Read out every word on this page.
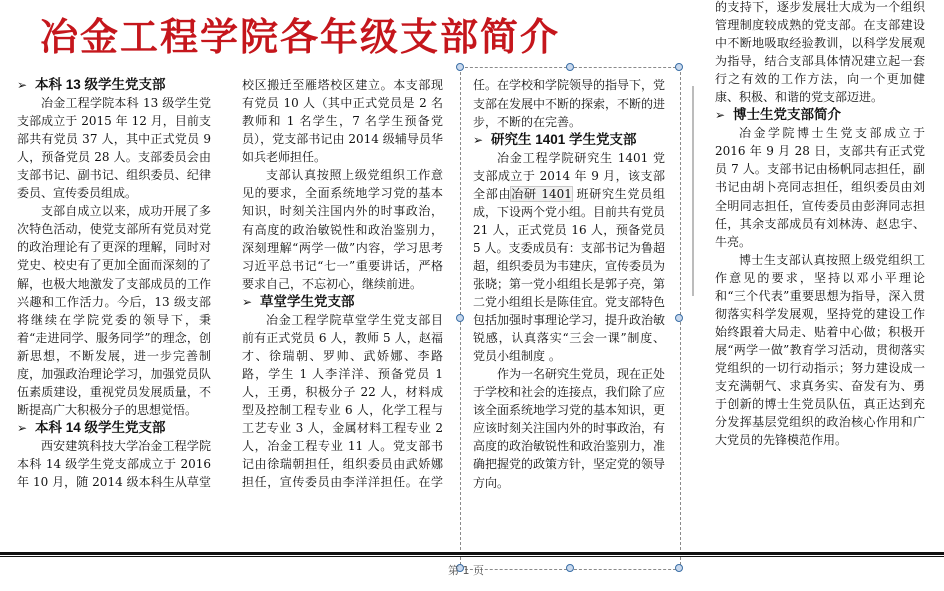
冶金工程学院各年级支部简介
➢ 本科 13 级学生党支部

冶金工程学院本科 13 级学生党支部成立于 2015 年 12 月，目前支部共有党员 37 人，其中正式党员 9 人，预备党员 28 人。支部委员会由支部书记、副书记、组织委员、纪律委员、宣传委员组成。

支部自成立以来，成功开展了多次特色活动，使党支部所有党员对党的政治理论有了更深的理解，同时对党史、校史有了更加全面而深刻的了解，也极大地激发了支部成员的工作兴趣和工作活力。今后，13 级支部将继续在学院党委的领导下，秉着“走进同学、服务同学”的理念，创新思想，不断发展，进一步完善制度，加强政治理论学习，加强党员队伍素质建设，重视党员发展质量，不断提高广大积极分子的思想觉悟。

➢ 本科 14 级学生党支部

西安建筑科技大学冶金工程学院本科 14 级学生党支部成立于 2016 年 10 月，随 2014 级本科生从草堂

校区搬迁至雁塔校区建立。本支部现有党员 10 人（其中正式党员是 2 名教师和 1 名学生，7 名学生预备党员），党支部书记由 2014 级辅导员华如兵老师担任。

支部认真按照上级党组织工作意见的要求，全面系统地学习党的基本知识，时刻关注国内外的时事政治，有高度的政治敏锐性和政治鉴别力，深刻理解“两学一做”内容，学习思考习近平总书记“七一”重要讲话，严格要求自己，不忘初心，继续前进。

➢ 草堂学生党支部

冶金工程学院草堂学生党支部目前有正式党员 6 人，教师 5 人，赵福才、徐瑞朝、罗帅、武娇娜、李路路，学生 1 人李洋洋、预备党员 1 人，王勇，积极分子 22 人，材料成型及控制工程专业 6 人，化学工程与工艺专业 3 人，金属材料工程专业 2 人，冶金工程专业 11 人。党支部书记由徐瑞朝担任，组织委员由武娇娜担任，宣传委员由李洋洋担任。在学

任。在学校和学院领导的指导下，党支部在发展中不断的探索，不断的进步，不断的在完善。

➢ 研究生 1401 学生党支部

冶金工程学院研究生 1401 党支部成立于 2014 年 9 月，该支部全部由冶研 1401 班研究生党员组成，下设两个党小组。目前共有党员 21 人，正式党员 16 人，预备党员 5 人。支委成员有：支部书记为鲁超超，组织委员为韦建庆，宣传委员为张晓；第一党小组组长是郭子亮，第二党小组组长是陈佳宜。党支部特色包括加强时事理论学习，提升政治敏锐感，认真落实“三会一课”制度、党员小组制度 。

作为一名研究生党员，现在正处于学校和社会的连接点，我们除了应该全面系统地学习党的基本知识，更应该时刻关注国内外的时事政治，有高度的政治敏锐性和政治鉴别力，准确把握党的政策方针，坚定党的领导方向。

的支持下，逐步发展壮大成为一个组织管理制度较成熟的党支部。在支部建设中不断地吸取经验教训，以科学发展观为指导，结合支部具体情况建立起一套行之有效的工作方法，向一个更加健康、积极、和谐的党支部迈进。

➢ 博士生党支部简介

冶金学院博士生党支部成立于 2016 年 9 月 28 日，支部共有正式党员 7 人。支部书记由杨帆同志担任，副书记由胡卜亮同志担任，组织委员由刘全明同志担任，宣传委员由彭湃同志担任，其余支部成员有刘林涛、赵忠宇、牛亮。

博士生支部认真按照上级党组织工作意见的要求，坚持以邓小平理论和“三个代表”重要思想为指导，深入贯彻落实科学发展观，坚持党的建设工作始终跟着大局走、贴着中心做；积极开展“两学一做”教育学习活动，贯彻落实党组织的一切行动指示；努力建设成一支充满朝气、求真务实、奋发有为、勇于创新的博士生党员队伍，真正达到充分发挥基层党组织的政治核心作用和广大党员的先锋模范作用。

第 1 页
